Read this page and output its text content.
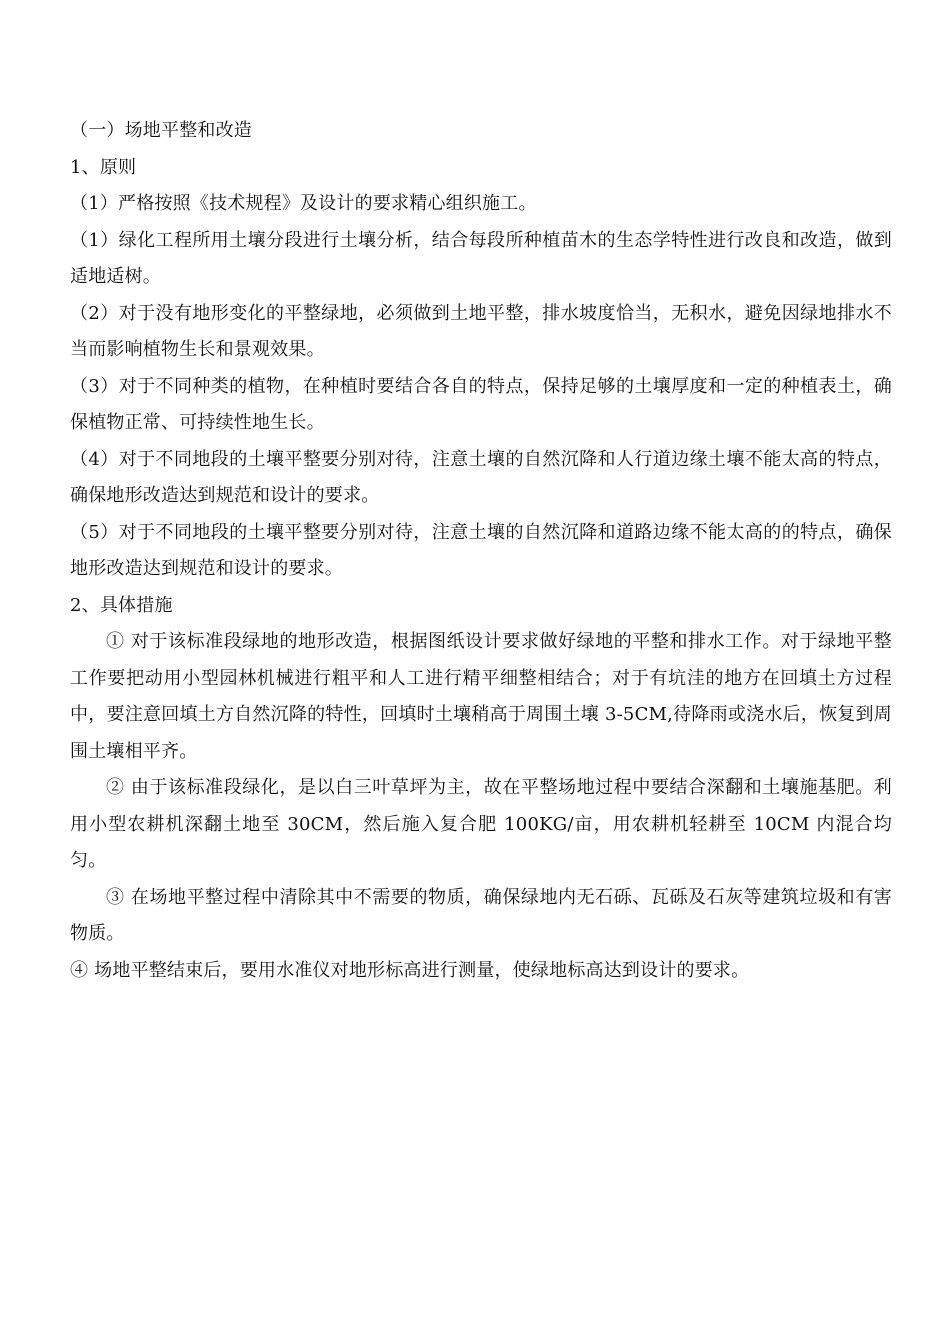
（一）场地平整和改造

1、原则

（1）严格按照《技术规程》及设计的要求精心组织施工。

（1）绿化工程所用土壤分段进行土壤分析，结合每段所种植苗木的生态学特性进行改良和改造，做到适地适树。

（2）对于没有地形变化的平整绿地，必须做到土地平整，排水坡度恰当，无积水，避免因绿地排水不当而影响植物生长和景观效果。

（3）对于不同种类的植物，在种植时要结合各自的特点，保持足够的土壤厚度和一定的种植表土，确保植物正常、可持续性地生长。

（4）对于不同地段的土壤平整要分别对待，注意土壤的自然沉降和人行道边缘土壤不能太高的特点，确保地形改造达到规范和设计的要求。

（5）对于不同地段的土壤平整要分别对待，注意土壤的自然沉降和道路边缘不能太高的的特点，确保地形改造达到规范和设计的要求。

2、具体措施

① 对于该标准段绿地的地形改造，根据图纸设计要求做好绿地的平整和排水工作。对于绿地平整工作要把动用小型园林机械进行粗平和人工进行精平细整相结合；对于有坑洼的地方在回填土方过程中，要注意回填土方自然沉降的特性，回填时土壤稍高于周围土壤 3-5CM,待降雨或浇水后，恢复到周围土壤相平齐。

② 由于该标准段绿化，是以白三叶草坪为主，故在平整场地过程中要结合深翻和土壤施基肥。利用小型农耕机深翻土地至 30CM，然后施入复合肥 100KG/亩，用农耕机轻耕至 10CM 内混合均匀。

③ 在场地平整过程中清除其中不需要的物质，确保绿地内无石砾、瓦砾及石灰等建筑垃圾和有害物质。

④ 场地平整结束后，要用水准仪对地形标高进行测量，使绿地标高达到设计的要求。
